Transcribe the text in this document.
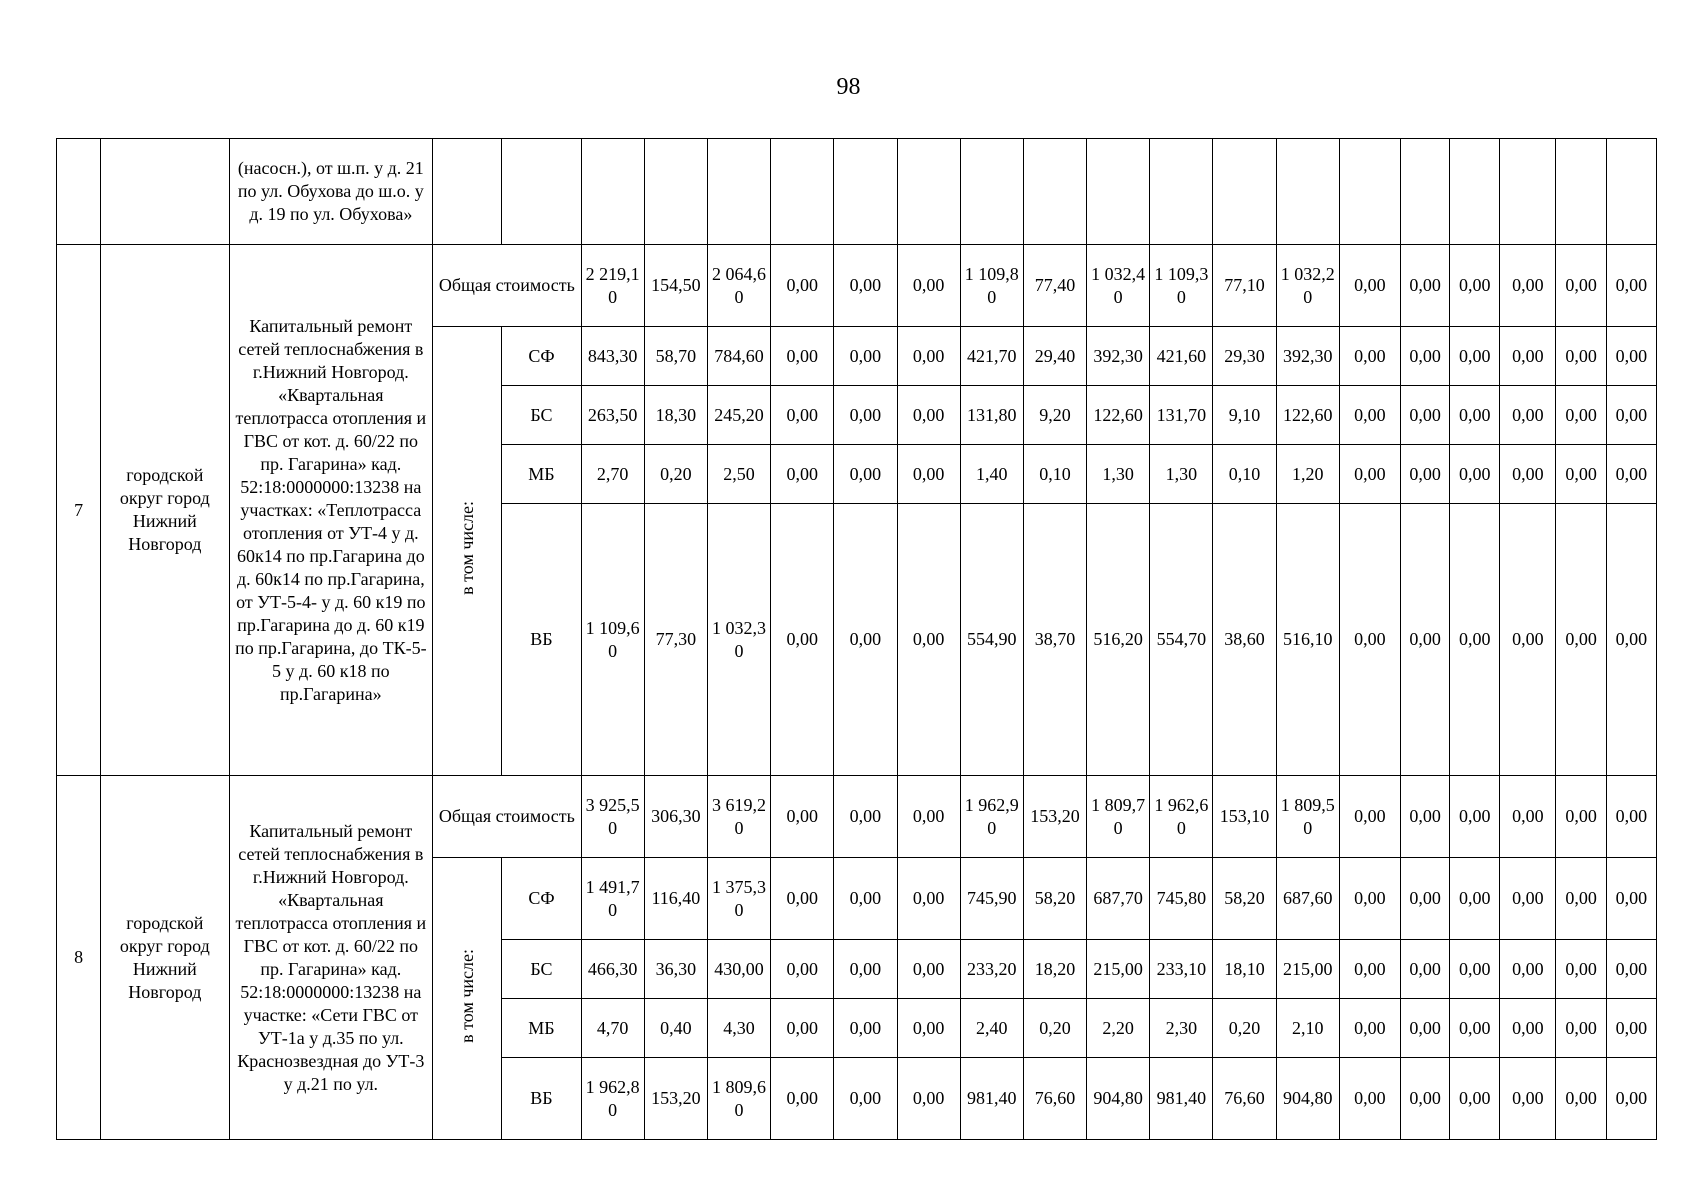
98
		(насосн.), от ш.п. у д. 21 по ул. Обухова до ш.о. у д. 19 по ул. Обухова»																				
7	городской округ город Нижний Новгород	Капитальный ремонт сетей теплоснабжения в г.Нижний Новгород. «Квартальная теплотрасса отопления и ГВС от кот. д. 60/22 по пр. Гагарина» кад. 52:18:0000000:13238 на участках: «Теплотрасса отопления от УТ-4 у д. 60к14 по пр.Гагарина до д. 60к14 по пр.Гагарина, от УТ-5-4- у д. 60 к19 по пр.Гагарина до д. 60 к19 по пр.Гагарина, до ТК-5-5 у д. 60 к18 по пр.Гагарина»	Общая стоимость		2 219,10	154,50	2 064,60	0,00	0,00	0,00	1 109,80	77,40	1 032,40	1 109,30	77,10	1 032,20	0,00	0,00	0,00	0,00	0,00	0,00
			в том числе:	СФ	843,30	58,70	784,60	0,00	0,00	0,00	421,70	29,40	392,30	421,60	29,30	392,30	0,00	0,00	0,00	0,00	0,00	0,00
				БС	263,50	18,30	245,20	0,00	0,00	0,00	131,80	9,20	122,60	131,70	9,10	122,60	0,00	0,00	0,00	0,00	0,00	0,00
				МБ	2,70	0,20	2,50	0,00	0,00	0,00	1,40	0,10	1,30	1,30	0,10	1,20	0,00	0,00	0,00	0,00	0,00	0,00
				ВБ	1 109,60	77,30	1 032,30	0,00	0,00	0,00	554,90	38,70	516,20	554,70	38,60	516,10	0,00	0,00	0,00	0,00	0,00	0,00
8	городской округ город Нижний Новгород	Капитальный ремонт сетей теплоснабжения в г.Нижний Новгород. «Квартальная теплотрасса отопления и ГВС от кот. д. 60/22 по пр. Гагарина» кад. 52:18:0000000:13238 на участке: «Сети ГВС от УТ-1а у д.35 по ул. Краснозвездная до УТ-3 у д.21 по ул.	Общая стоимость		3 925,50	306,30	3 619,20	0,00	0,00	0,00	1 962,90	153,20	1 809,70	1 962,60	153,10	1 809,50	0,00	0,00	0,00	0,00	0,00	0,00
			в том числе:	СФ	1 491,70	116,40	1 375,30	0,00	0,00	0,00	745,90	58,20	687,70	745,80	58,20	687,60	0,00	0,00	0,00	0,00	0,00	0,00
				БС	466,30	36,30	430,00	0,00	0,00	0,00	233,20	18,20	215,00	233,10	18,10	215,00	0,00	0,00	0,00	0,00	0,00	0,00
				МБ	4,70	0,40	4,30	0,00	0,00	0,00	2,40	0,20	2,20	2,30	0,20	2,10	0,00	0,00	0,00	0,00	0,00	0,00
				ВБ	1 962,80	153,20	1 809,60	0,00	0,00	0,00	981,40	76,60	904,80	981,40	76,60	904,80	0,00	0,00	0,00	0,00	0,00	0,00
